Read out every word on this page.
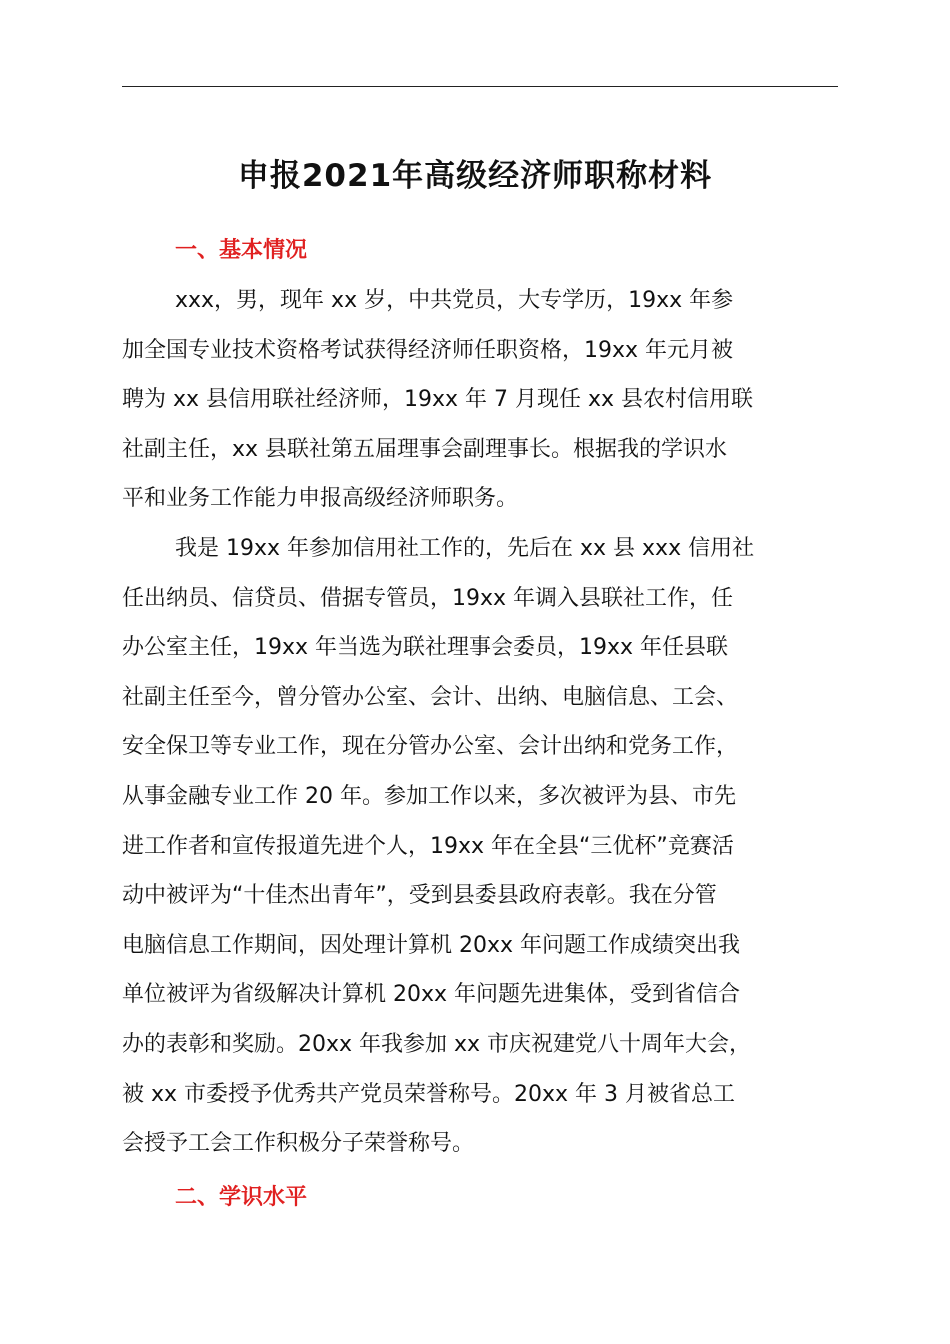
申报2021年高级经济师职称材料
一、基本情况
xxx，男，现年 xx 岁，中共党员，大专学历，19xx 年参
加全国专业技术资格考试获得经济师任职资格，19xx 年元月被
聘为 xx 县信用联社经济师，19xx 年 7 月现任 xx 县农村信用联
社副主任，xx 县联社第五届理事会副理事长。根据我的学识水
平和业务工作能力申报高级经济师职务。
我是 19xx 年参加信用社工作的，先后在 xx 县 xxx 信用社
任出纳员、信贷员、借据专管员，19xx 年调入县联社工作，任
办公室主任，19xx 年当选为联社理事会委员，19xx 年任县联
社副主任至今，曾分管办公室、会计、出纳、电脑信息、工会、
安全保卫等专业工作，现在分管办公室、会计出纳和党务工作，
从事金融专业工作 20 年。参加工作以来，多次被评为县、市先
进工作者和宣传报道先进个人，19xx 年在全县“三优杯”竞赛活
动中被评为“十佳杰出青年”，受到县委县政府表彰。我在分管
电脑信息工作期间，因处理计算机 20xx 年问题工作成绩突出我
单位被评为省级解决计算机 20xx 年问题先进集体，受到省信合
办的表彰和奖励。20xx 年我参加 xx 市庆祝建党八十周年大会，
被 xx 市委授予优秀共产党员荣誉称号。20xx 年 3 月被省总工
会授予工会工作积极分子荣誉称号。
二、学识水平
